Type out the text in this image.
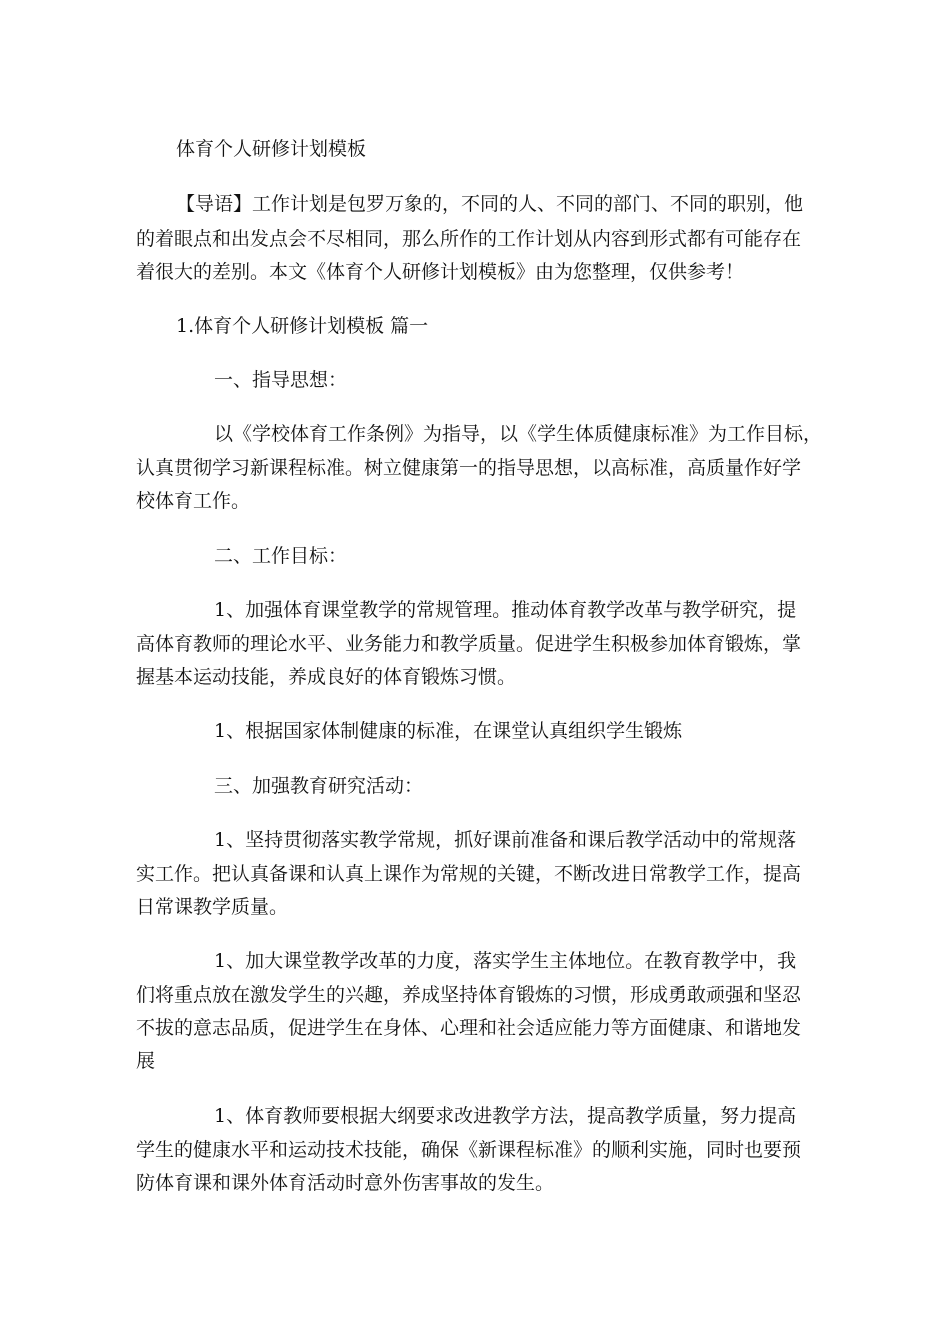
体育个人研修计划模板
【导语】工作计划是包罗万象的，不同的人、不同的部门、不同的职别，他
的着眼点和出发点会不尽相同，那么所作的工作计划从内容到形式都有可能存在
着很大的差别。本文《体育个人研修计划模板》由为您整理，仅供参考！
1.体育个人研修计划模板 篇一
一、指导思想：
以《学校体育工作条例》为指导，以《学生体质健康标准》为工作目标，
认真贯彻学习新课程标准。树立健康第一的指导思想，以高标准，高质量作好学
校体育工作。
二、工作目标：
1、加强体育课堂教学的常规管理。推动体育教学改革与教学研究，提
高体育教师的理论水平、业务能力和教学质量。促进学生积极参加体育锻炼，掌
握基本运动技能，养成良好的体育锻炼习惯。
1、根据国家体制健康的标准，在课堂认真组织学生锻炼
三、加强教育研究活动：
1、坚持贯彻落实教学常规，抓好课前准备和课后教学活动中的常规落
实工作。把认真备课和认真上课作为常规的关键，不断改进日常教学工作，提高
日常课教学质量。
1、加大课堂教学改革的力度，落实学生主体地位。在教育教学中，我
们将重点放在激发学生的兴趣，养成坚持体育锻炼的习惯，形成勇敢顽强和坚忍
不拔的意志品质，促进学生在身体、心理和社会适应能力等方面健康、和谐地发
展
1、体育教师要根据大纲要求改进教学方法，提高教学质量，努力提高
学生的健康水平和运动技术技能，确保《新课程标准》的顺利实施，同时也要预
防体育课和课外体育活动时意外伤害事故的发生。
